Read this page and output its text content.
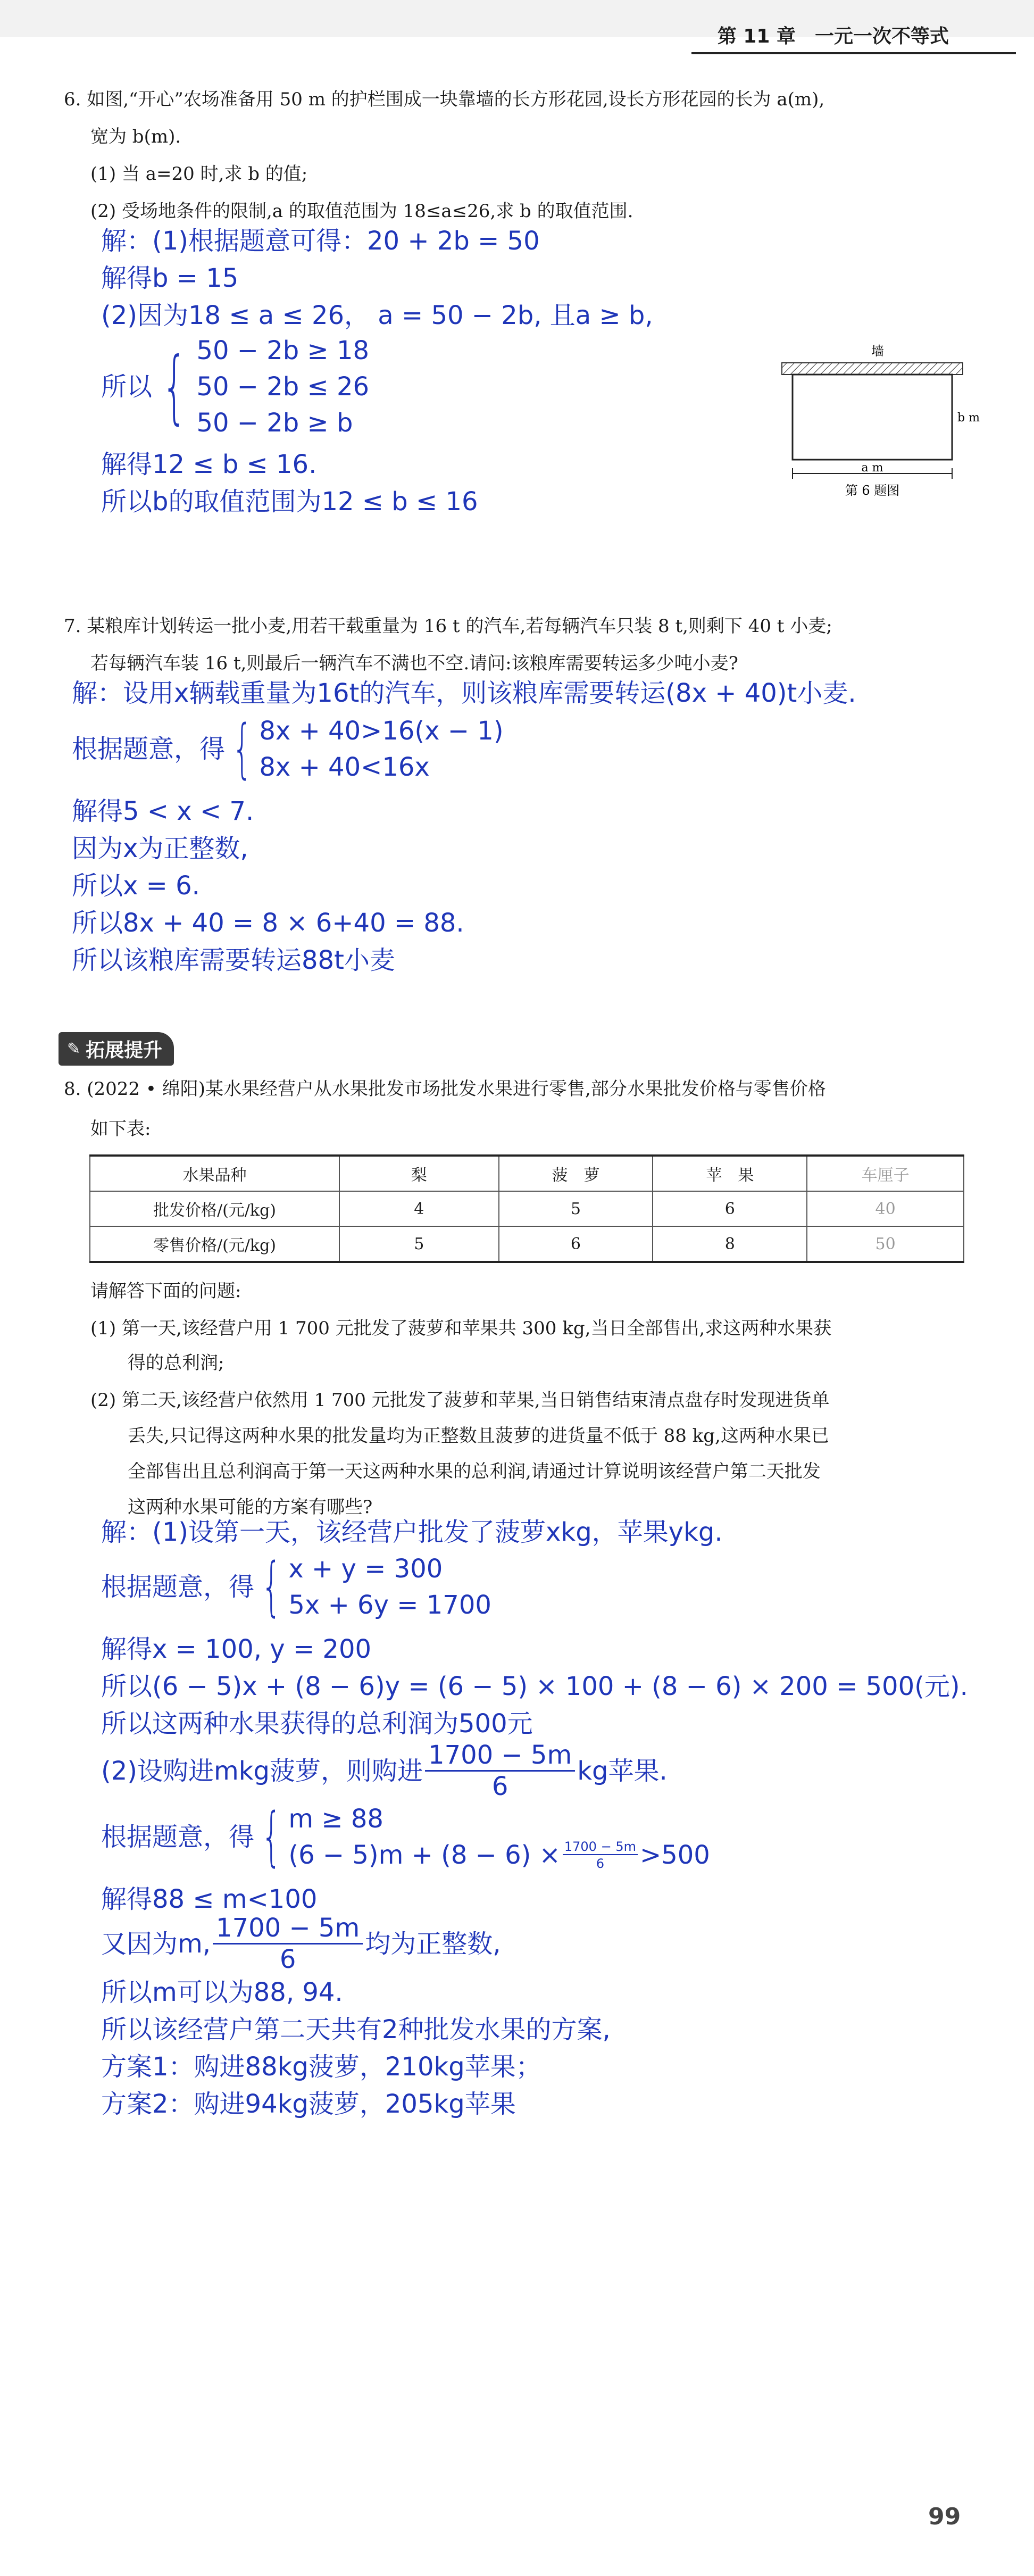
第 11 章　一元一次不等式
6. 如图,“开心”农场准备用 50 m 的护栏围成一块靠墙的长方形花园,设长方形花园的长为 a(m),
宽为 b(m).
(1) 当 a=20 时,求 b 的值;
(2) 受场地条件的限制,a 的取值范围为 18≤a≤26,求 b 的取值范围.
解：(1)根据题意可得：20 + 2b = 50
解得b = 15
(2)因为18 ≤ a ≤ 26， a = 50 − 2b, 且a ≥ b,
所以 { 50 − 2b ≥ 18
50 − 2b ≤ 26
50 − 2b ≥ b
解得12 ≤ b ≤ 16.
所以b的取值范围为12 ≤ b ≤ 16
墙
b m
a m
第 6 题图
7. 某粮库计划转运一批小麦,用若干载重量为 16 t 的汽车,若每辆汽车只装 8 t,则剩下 40 t 小麦;
若每辆汽车装 16 t,则最后一辆汽车不满也不空.请问:该粮库需要转运多少吨小麦?
解：设用x辆载重量为16t的汽车，则该粮库需要转运(8x + 40)t小麦.
根据题意，得 { 8x + 40>16(x − 1)
8x + 40<16x
解得5 < x < 7.
因为x为正整数,
所以x = 6.
所以8x + 40 = 8 × 6+40 = 88.
所以该粮库需要转运88t小麦
✎ 拓展提升
8. (2022 • 绵阳)某水果经营户从水果批发市场批发水果进行零售,部分水果批发价格与零售价格
如下表:
水果品种	梨	菠　萝	苹　果	车厘子
批发价格/(元/kg)	4	5	6	40
零售价格/(元/kg)	5	6	8	50
请解答下面的问题:
(1) 第一天,该经营户用 1 700 元批发了菠萝和苹果共 300 kg,当日全部售出,求这两种水果获
得的总利润;
(2) 第二天,该经营户依然用 1 700 元批发了菠萝和苹果,当日销售结束清点盘存时发现进货单
丢失,只记得这两种水果的批发量均为正整数且菠萝的进货量不低于 88 kg,这两种水果已
全部售出且总利润高于第一天这两种水果的总利润,请通过计算说明该经营户第二天批发
这两种水果可能的方案有哪些?
解：(1)设第一天，该经营户批发了菠萝xkg，苹果ykg.
根据题意，得 { x + y = 300
5x + 6y = 1700
解得x = 100, y = 200
所以(6 − 5)x + (8 − 6)y = (6 − 5) × 100 + (8 − 6) × 200 = 500(元).
所以这两种水果获得的总利润为500元
(2)设购进mkg菠萝，则购进 $\frac{1700 - 5m}{6}$ kg苹果.
根据题意，得 { m ≥ 88
$(6 - 5)m + (8 - 6) \times \frac{1700 - 5m}{6} >500$
解得88 ≤ m<100
又因为m, $\frac{1700 - 5m}{6}$ 均为正整数,
所以m可以为88, 94.
所以该经营户第二天共有2种批发水果的方案,
方案1：购进88kg菠萝，210kg苹果；
方案2：购进94kg菠萝，205kg苹果
99
